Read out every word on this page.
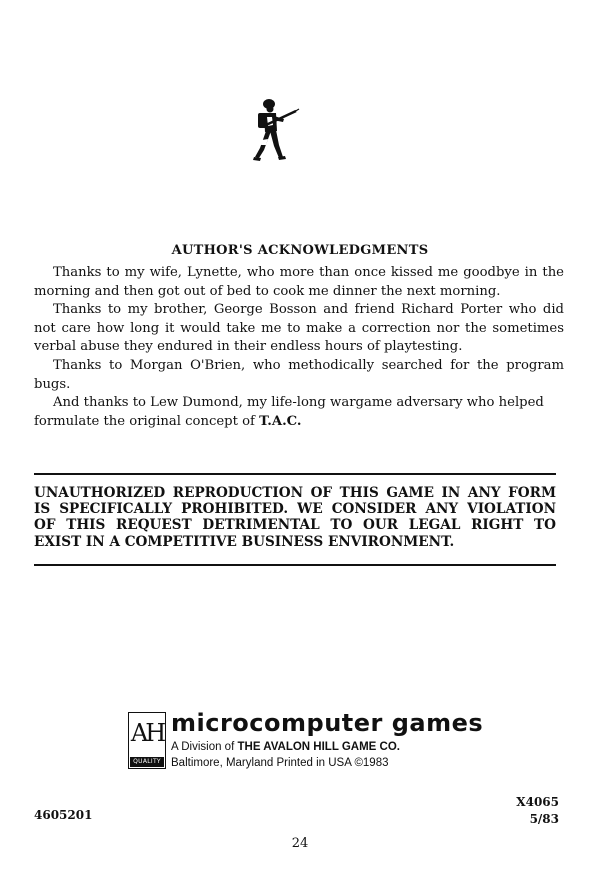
AUTHOR'S ACKNOWLEDGMENTS

Thanks to my wife, Lynette, who more than once kissed me goodbye in the morning and then got out of bed to cook me dinner the next morning.

Thanks to my brother, George Bosson and friend Richard Porter who did not care how long it would take me to make a correction nor the sometimes verbal abuse they endured in their endless hours of playtesting.

Thanks to Morgan O'Brien, who methodically searched for the program bugs.

And thanks to Lew Dumond, my life-long wargame adversary who helped formulate the original concept of T.A.C.

UNAUTHORIZED REPRODUCTION OF THIS GAME IN ANY FORM IS SPECIFICALLY PROHIBITED. WE CONSIDER ANY VIOLATION OF THIS REQUEST DETRIMENTAL TO OUR LEGAL RIGHT TO EXIST IN A COMPETITIVE BUSINESS ENVIRONMENT.
AH
QUALITY
microcomputer games
A Division of THE AVALON HILL GAME CO.
Baltimore, Maryland Printed in USA ©1983
4605201
X4065
5/83
24
